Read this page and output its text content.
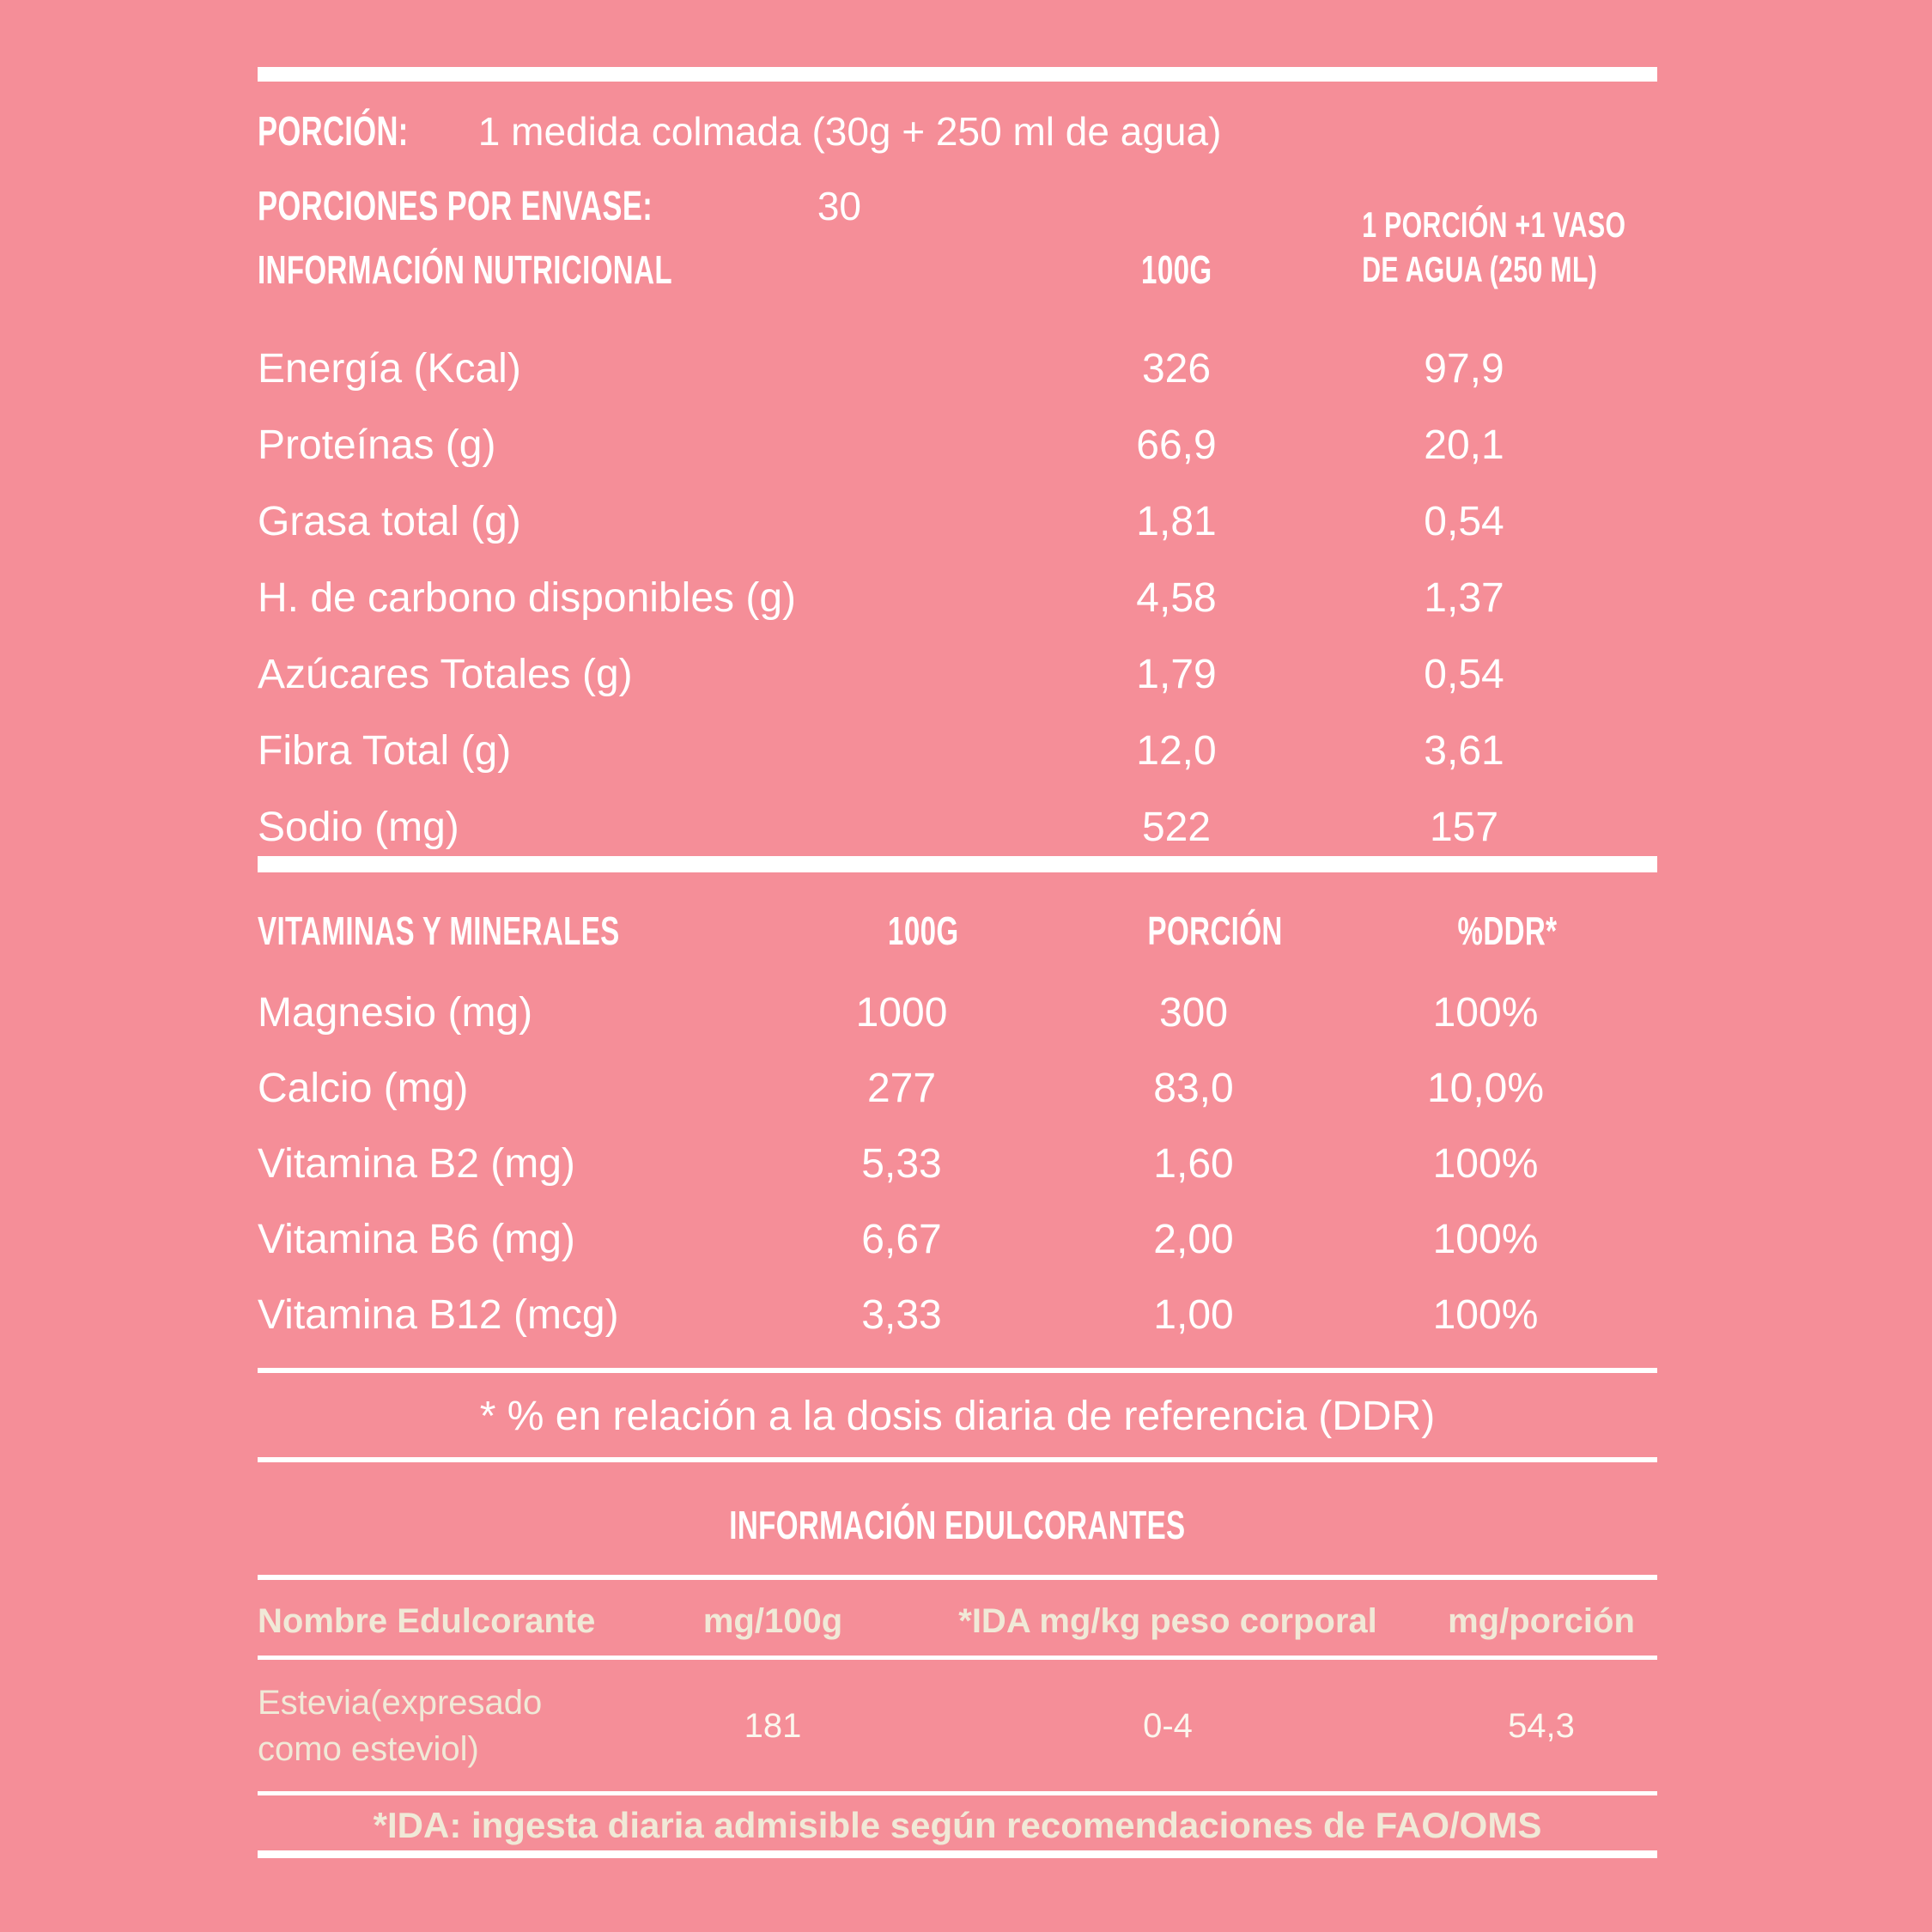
PORCIÓN: 1 medida colmada (30g + 250 ml de agua)
PORCIONES POR ENVASE:	30
INFORMACIÓN NUTRICIONAL	100G
1 PORCIÓN +1 VASO
DE AGUA (250 ML)
Energía (Kcal)	326	97,9
Proteínas (g)	66,9	20,1
Grasa total (g)	1,81	0,54
H. de carbono disponibles (g)	4,58	1,37
Azúcares Totales (g)	1,79	0,54
Fibra Total (g)	12,0	3,61
Sodio (mg)	522	157
VITAMINAS Y MINERALES	100G	PORCIÓN	%DDR*
Magnesio (mg)	1000	300	100%
Calcio (mg)	277	83,0	10,0%
Vitamina B2 (mg)	5,33	1,60	100%
Vitamina B6 (mg)	6,67	2,00	100%
Vitamina B12 (mcg)	3,33	1,00	100%
* % en relación a la dosis diaria de referencia (DDR)
INFORMACIÓN EDULCORANTES
Nombre Edulcorante	mg/100g	*IDA mg/kg peso corporal	mg/porción
Estevia(expresado
como esteviol)
181	0-4	54,3
*IDA: ingesta diaria admisible según recomendaciones de FAO/OMS
